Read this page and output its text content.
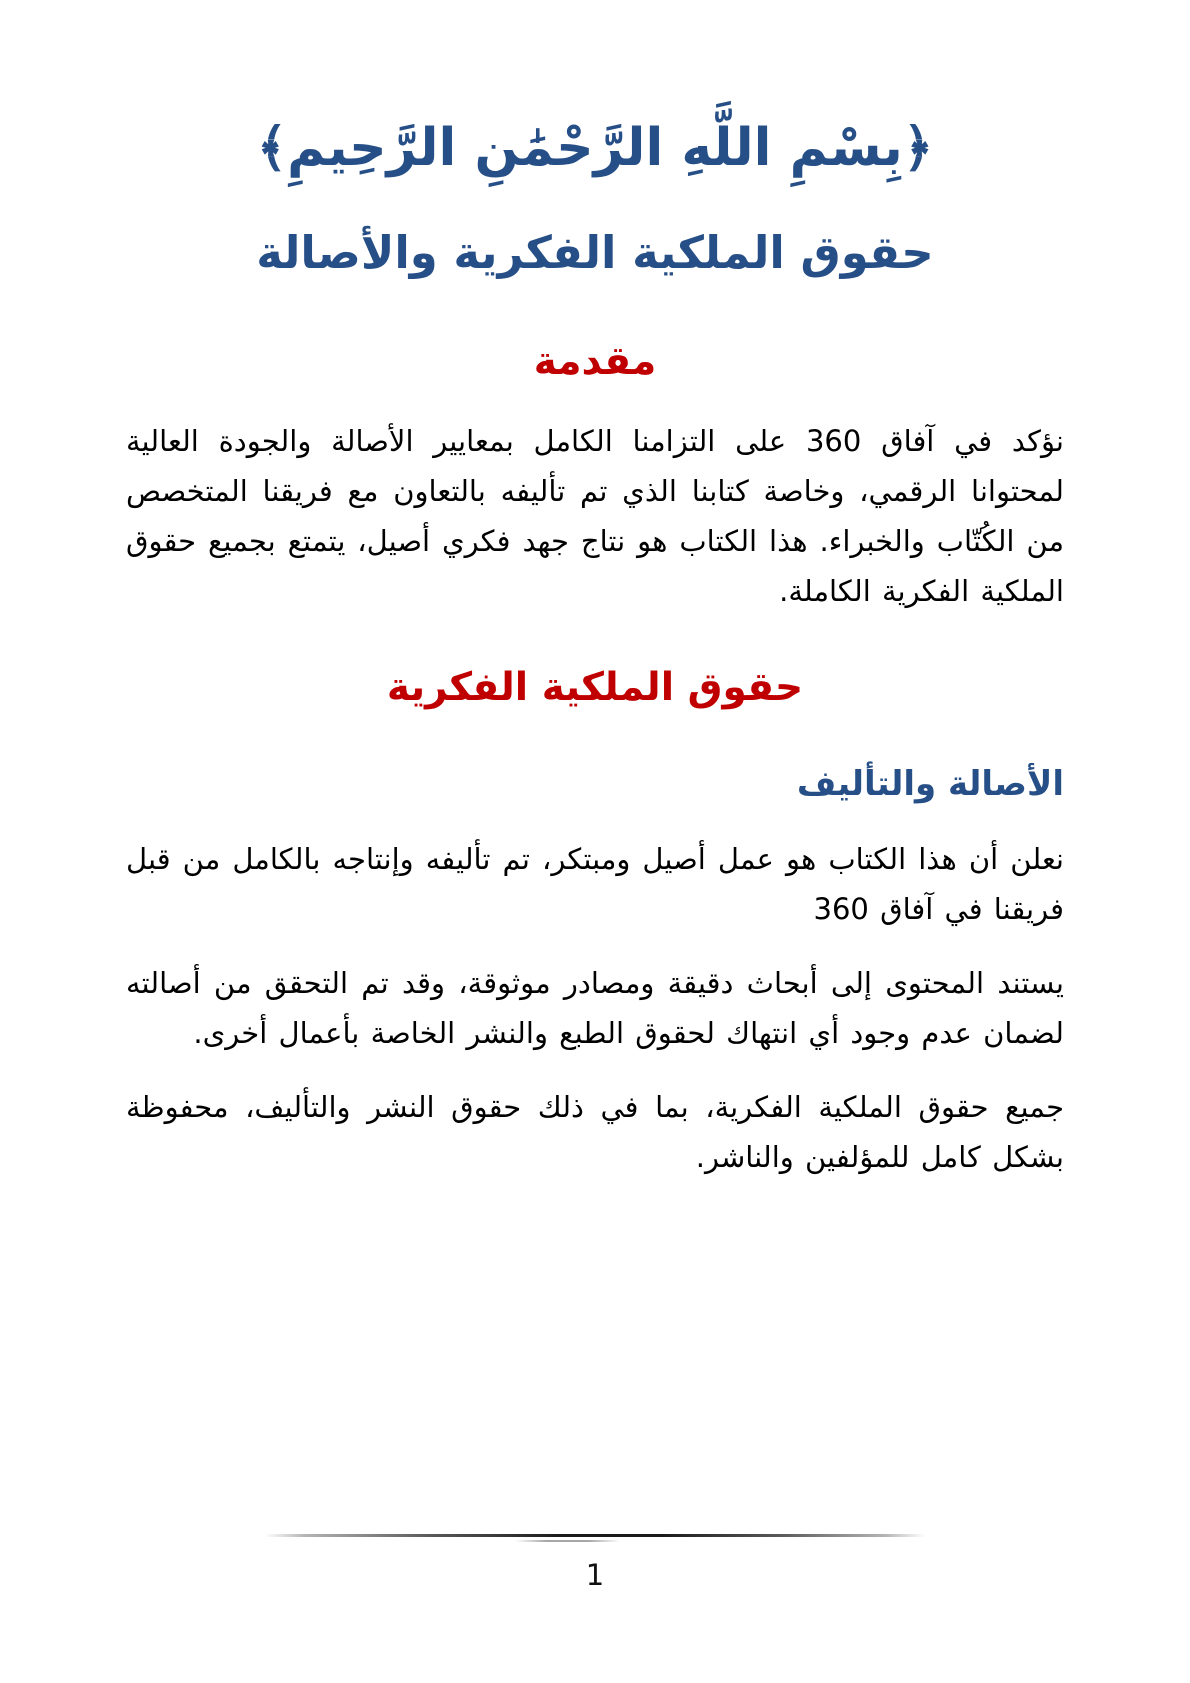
﴿بِسْمِ اللَّهِ الرَّحْمَٰنِ الرَّحِيمِ﴾
حقوق الملكية الفكرية والأصالة
مقدمة

نؤكد في آفاق 360 على التزامنا الكامل بمعايير الأصالة والجودة العالية لمحتوانا الرقمي، وخاصة كتابنا الذي تم تأليفه بالتعاون مع فريقنا المتخصص من الكُتّاب والخبراء. هذا الكتاب هو نتاج جهد فكري أصيل، يتمتع بجميع حقوق الملكية الفكرية الكاملة.

حقوق الملكية الفكرية
الأصالة والتأليف

نعلن أن هذا الكتاب هو عمل أصيل ومبتكر، تم تأليفه وإنتاجه بالكامل من قبل فريقنا في آفاق 360

يستند المحتوى إلى أبحاث دقيقة ومصادر موثوقة، وقد تم التحقق من أصالته لضمان عدم وجود أي انتهاك لحقوق الطبع والنشر الخاصة بأعمال أخرى.

جميع حقوق الملكية الفكرية، بما في ذلك حقوق النشر والتأليف، محفوظة بشكل كامل للمؤلفين والناشر.

1
